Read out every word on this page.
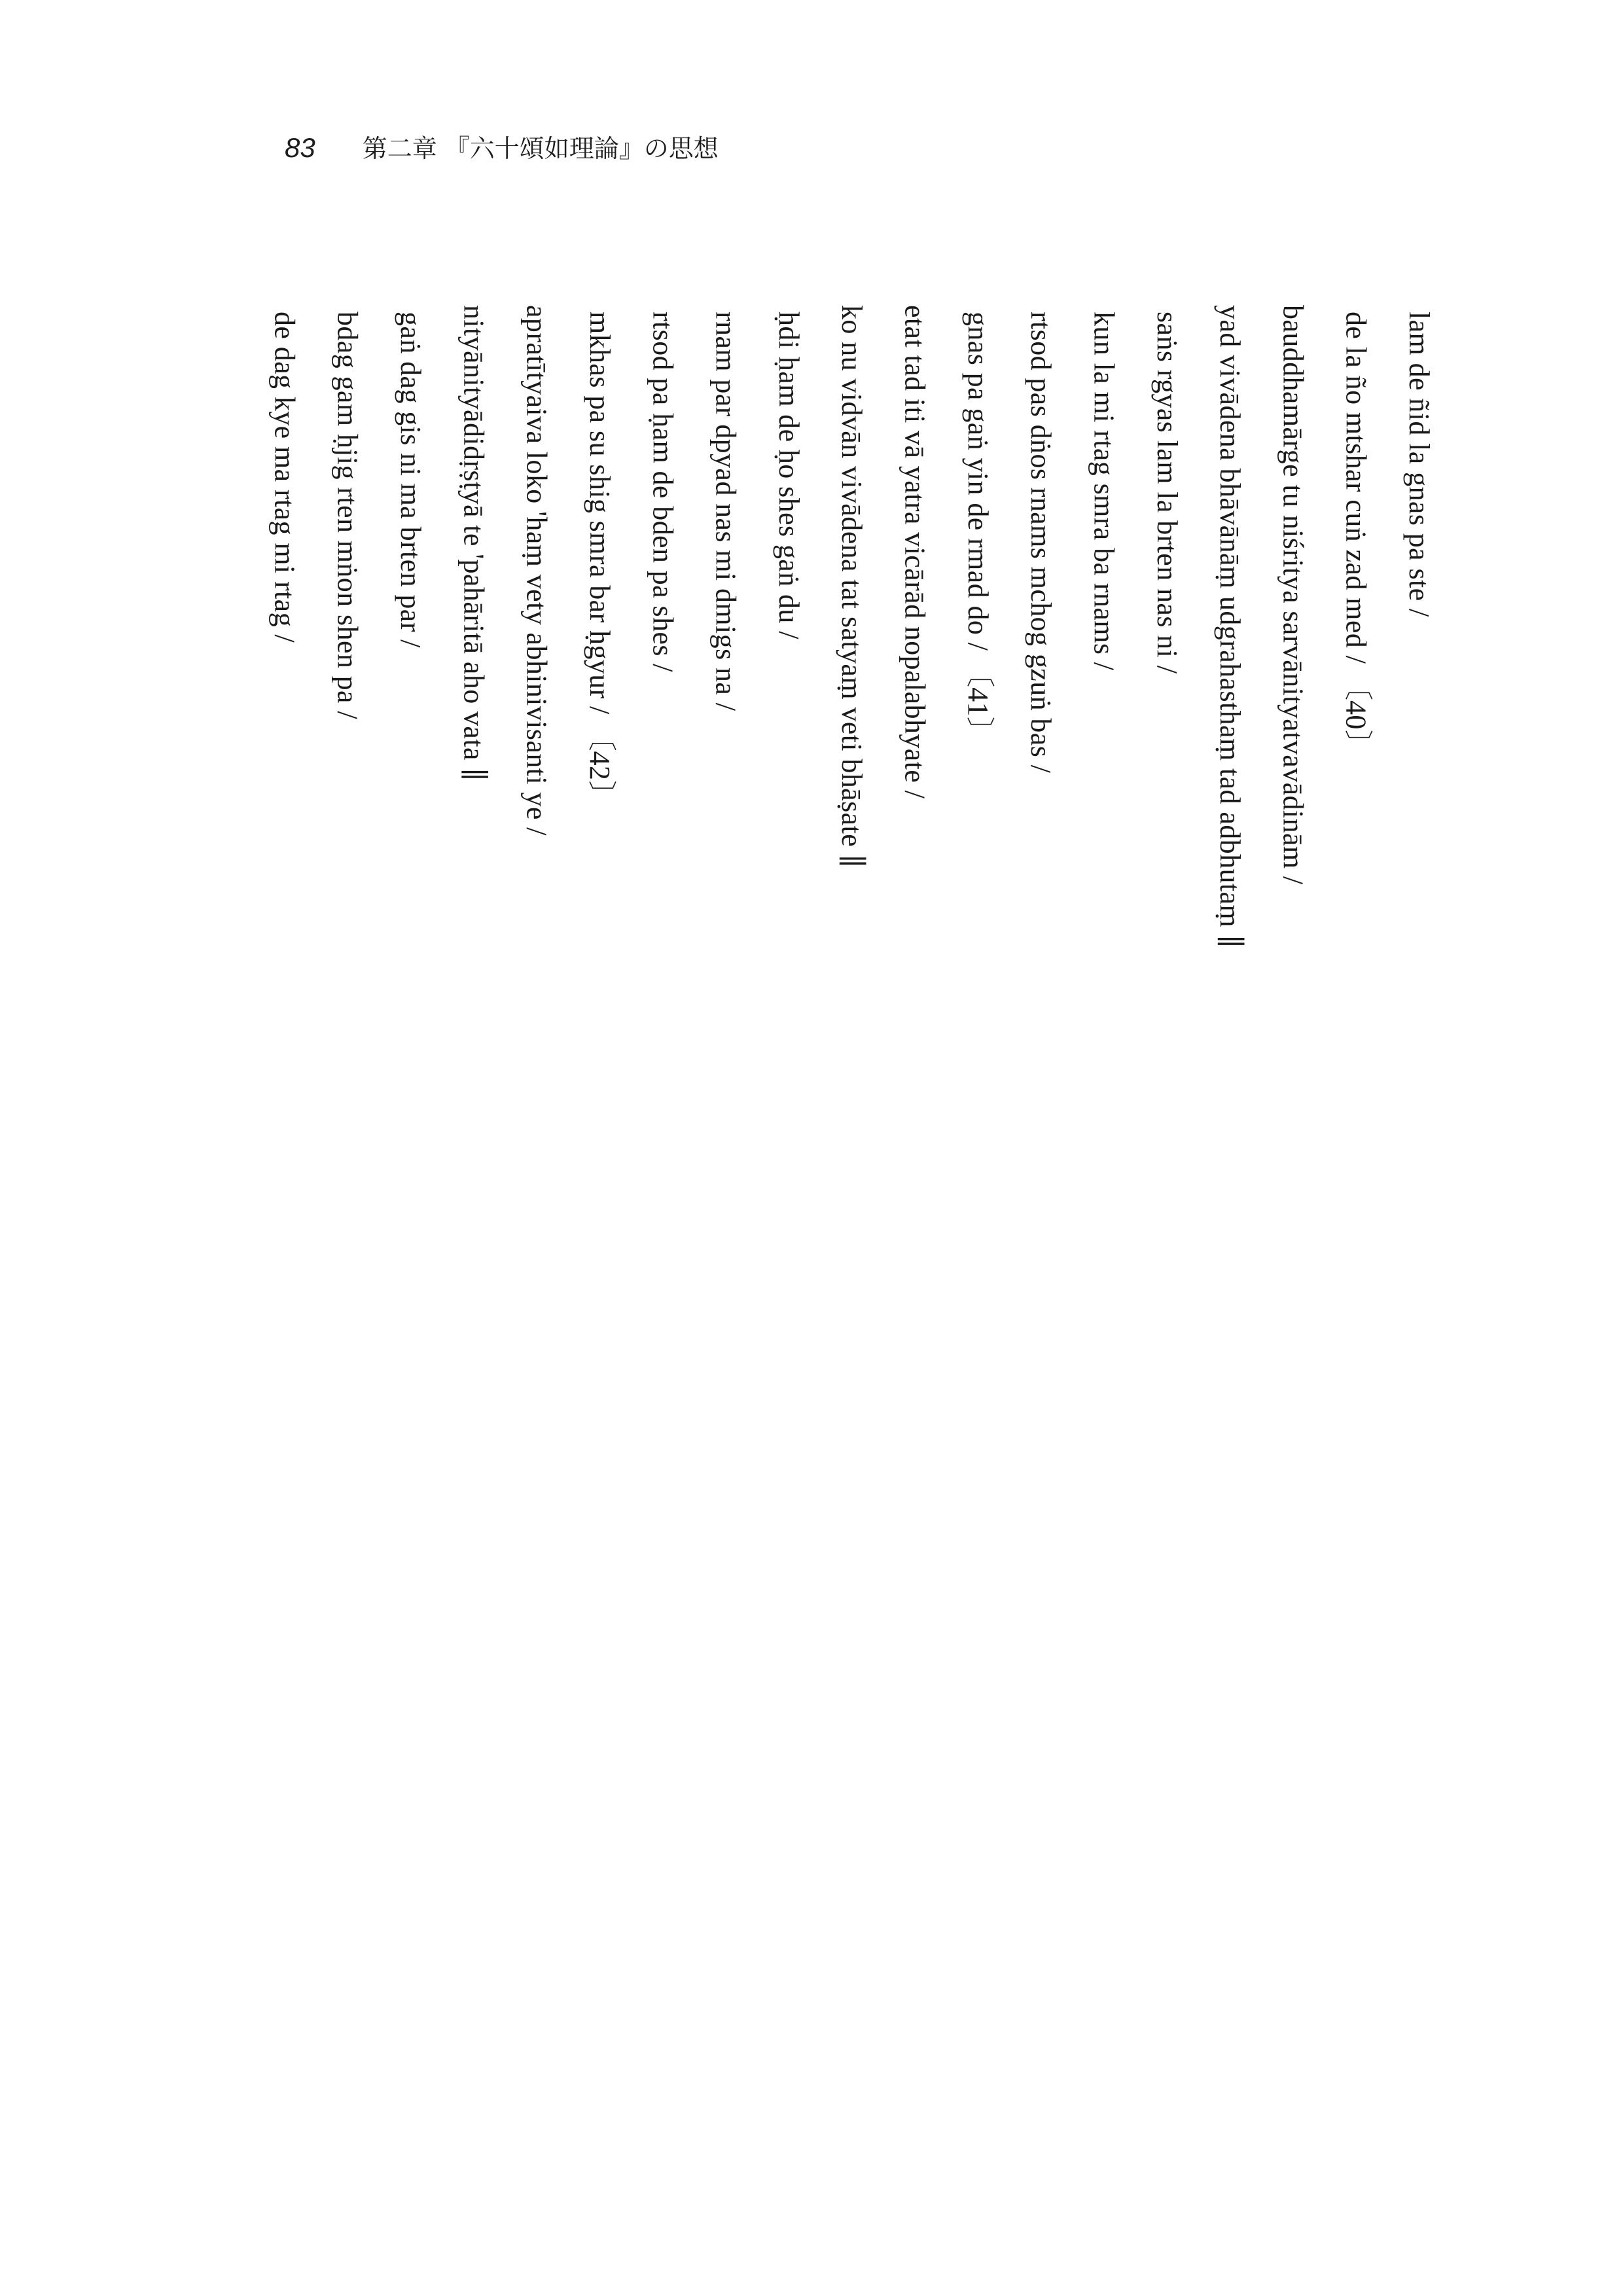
83 第二章 『六十頌如理論』の思想
lam de ñid la gnas pa ste /
de la ño mtshar cuṅ zad med / 〔40〕
bauddhamārge tu niśritya sarvānityatvavādinām /
yad vivādena bhāvānāṃ udgrahasthaṃ tad adbhutaṃ ∥
saṅs rgyas lam la brten nas ni /
kun la mi rtag smra ba rnams /
rtsod pas dṅos rnams mchog gzuṅ bas /
gnas pa gaṅ yin de rmad do / 〔41〕
etat tad iti vā yatra vicārād nopalabhyate /
ko nu vidvān vivādena tat satyaṃ veti bhāṣate ∥
ḥdi ḥam de ḥo shes gaṅ du /
rnam par dpyad nas mi dmigs na /
rtsod pa ḥam de bden pa shes /
mkhas pa su shig smra bar ḥgyur / 〔42〕
apratītyaiva loko 'haṃ vety abhinivisanti ye /
nityānityādidṛṣṭyā te 'pahāritā aho vata ∥
gaṅ dag gis ni ma brten par /
bdag gam ḥjig rten mṅon shen pa /
de dag kye ma rtag mi rtag /
